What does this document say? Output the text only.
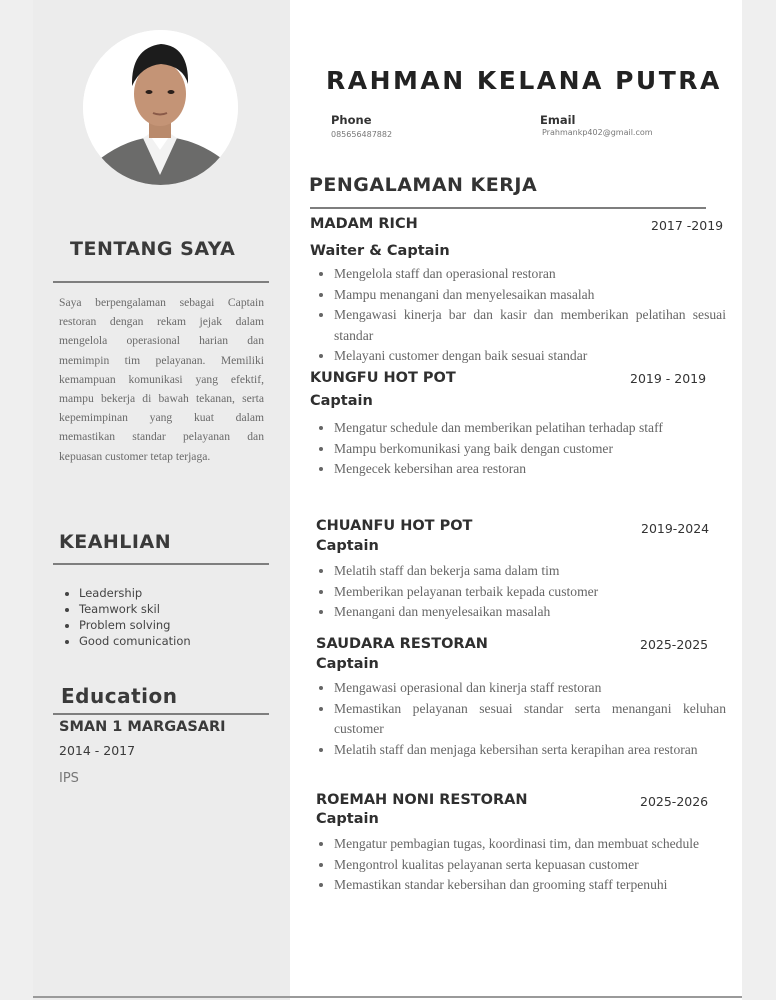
TENTANG SAYA
Saya berpengalaman sebagai Captain restoran dengan rekam jejak dalam mengelola operasional harian dan memimpin tim pelayanan. Memiliki kemampuan komunikasi yang efektif, mampu bekerja di bawah tekanan, serta kepemimpinan yang kuat dalam memastikan standar pelayanan dan kepuasan customer tetap terjaga.
KEAHLIAN
• Leadership
• Teamwork skil
• Problem solving
• Good comunication
Education
SMAN 1 MARGASARI
2014 - 2017
IPS
RAHMAN KELANA PUTRA
Phone
085656487882
Email
Prahmankp402@gmail.com
PENGALAMAN KERJA
MADAM RICH	2017 -2019
Waiter & Captain
• Mengelola staff dan operasional restoran
• Mampu menangani dan menyelesaikan masalah
• Mengawasi kinerja bar dan kasir dan memberikan pelatihan sesuai standar
• Melayani customer dengan baik sesuai standar
KUNGFU HOT POT	2019 - 2019
Captain
• Mengatur schedule dan memberikan pelatihan terhadap staff
• Mampu berkomunikasi yang baik dengan customer
• Mengecek kebersihan area restoran
CHUANFU HOT POT	2019-2024
Captain
• Melatih staff dan bekerja sama dalam tim
• Memberikan pelayanan terbaik kepada customer
• Menangani dan menyelesaikan masalah
SAUDARA RESTORAN	2025-2025
Captain
• Mengawasi operasional dan kinerja staff restoran
• Memastikan pelayanan sesuai standar serta menangani keluhan customer
• Melatih staff dan menjaga kebersihan serta kerapihan area restoran
ROEMAH NONI RESTORAN	2025-2026
Captain
• Mengatur pembagian tugas, koordinasi tim, dan membuat schedule
• Mengontrol kualitas pelayanan serta kepuasan customer
• Memastikan standar kebersihan dan grooming staff terpenuhi
